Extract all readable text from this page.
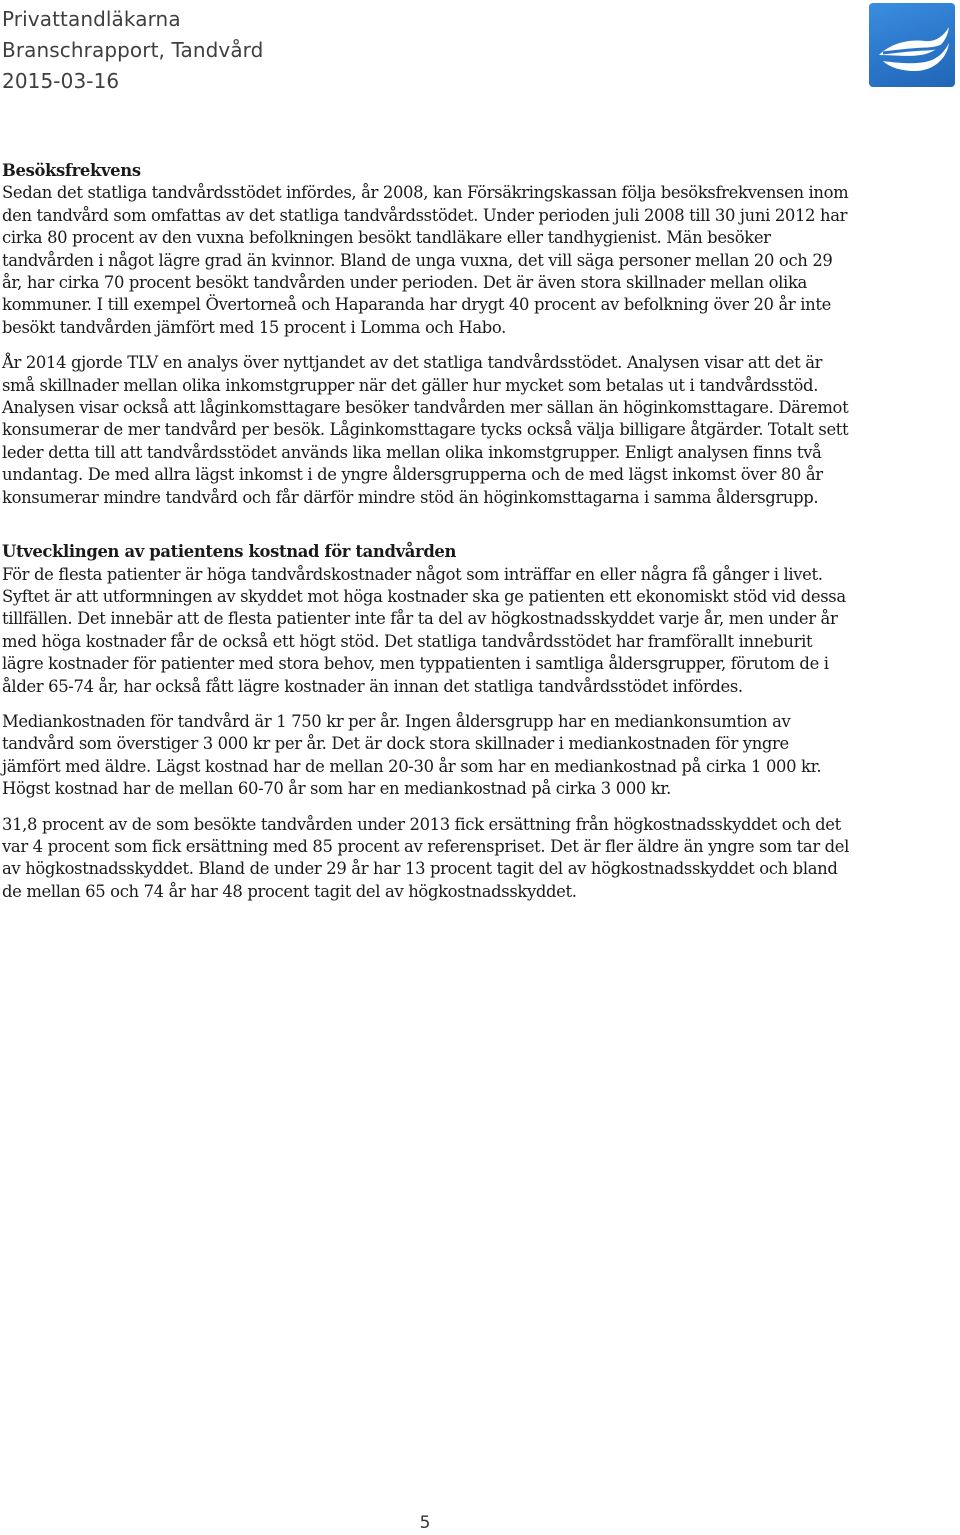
Privattandläkarna
Branschrapport, Tandvård
2015-03-16
Besöksfrekvens

Sedan det statliga tandvårdsstödet infördes, år 2008, kan Försäkringskassan följa besöksfrekvensen inom den tandvård som omfattas av det statliga tandvårdsstödet. Under perioden juli 2008 till 30 juni 2012 har cirka 80 procent av den vuxna befolkningen besökt tandläkare eller tandhygienist. Män besöker tandvården i något lägre grad än kvinnor. Bland de unga vuxna, det vill säga personer mellan 20 och 29 år, har cirka 70 procent besökt tandvården under perioden. Det är även stora skillnader mellan olika kommuner. I till exempel Övertorneå och Haparanda har drygt 40 procent av befolkning över 20 år inte besökt tandvården jämfört med 15 procent i Lomma och Habo.

År 2014 gjorde TLV en analys över nyttjandet av det statliga tandvårdsstödet. Analysen visar att det är små skillnader mellan olika inkomstgrupper när det gäller hur mycket som betalas ut i tandvårdsstöd. Analysen visar också att låginkomsttagare besöker tandvården mer sällan än höginkomsttagare. Däremot konsumerar de mer tandvård per besök. Låginkomsttagare tycks också välja billigare åtgärder. Totalt sett leder detta till att tandvårdsstödet används lika mellan olika inkomstgrupper. Enligt analysen finns två undantag. De med allra lägst inkomst i de yngre åldersgrupperna och de med lägst inkomst över 80 år konsumerar mindre tandvård och får därför mindre stöd än höginkomsttagarna i samma åldersgrupp.

Utvecklingen av patientens kostnad för tandvården

För de flesta patienter är höga tandvårdskostnader något som inträffar en eller några få gånger i livet. Syftet är att utformningen av skyddet mot höga kostnader ska ge patienten ett ekonomiskt stöd vid dessa tillfällen. Det innebär att de flesta patienter inte får ta del av högkostnadsskyddet varje år, men under år med höga kostnader får de också ett högt stöd. Det statliga tandvårdsstödet har framförallt inneburit lägre kostnader för patienter med stora behov, men typpatienten i samtliga åldersgrupper, förutom de i ålder 65-74 år, har också fått lägre kostnader än innan det statliga tandvårdsstödet infördes.

Mediankostnaden för tandvård är 1 750 kr per år. Ingen åldersgrupp har en mediankonsumtion av tandvård som överstiger 3 000 kr per år. Det är dock stora skillnader i mediankostnaden för yngre jämfört med äldre. Lägst kostnad har de mellan 20-30 år som har en mediankostnad på cirka 1 000 kr. Högst kostnad har de mellan 60-70 år som har en mediankostnad på cirka 3 000 kr.

31,8 procent av de som besökte tandvården under 2013 fick ersättning från högkostnadsskyddet och det var 4 procent som fick ersättning med 85 procent av referenspriset. Det är fler äldre än yngre som tar del av högkostnadsskyddet. Bland de under 29 år har 13 procent tagit del av högkostnadsskyddet och bland de mellan 65 och 74 år har 48 procent tagit del av högkostnadsskyddet.

5
